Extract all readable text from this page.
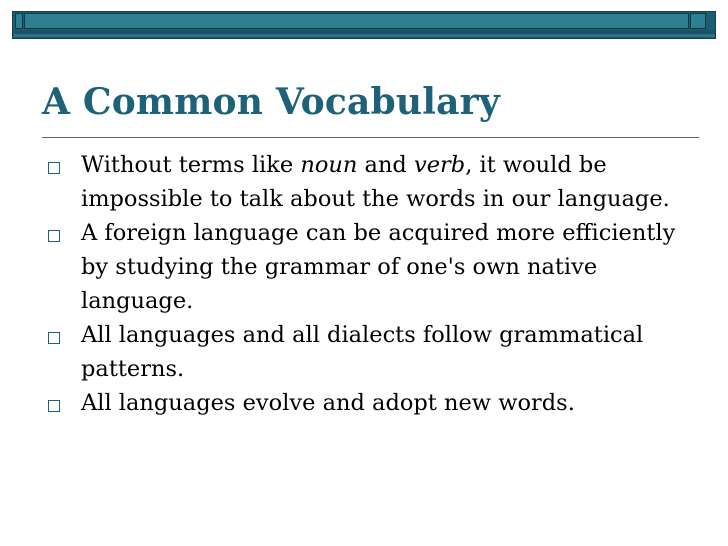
A Common Vocabulary
Without terms like noun and verb, it would be impossible to talk about the words in our language.
A foreign language can be acquired more efficiently by studying the grammar of one's own native language.
All languages and all dialects follow grammatical patterns.
All languages evolve and adopt new words.
